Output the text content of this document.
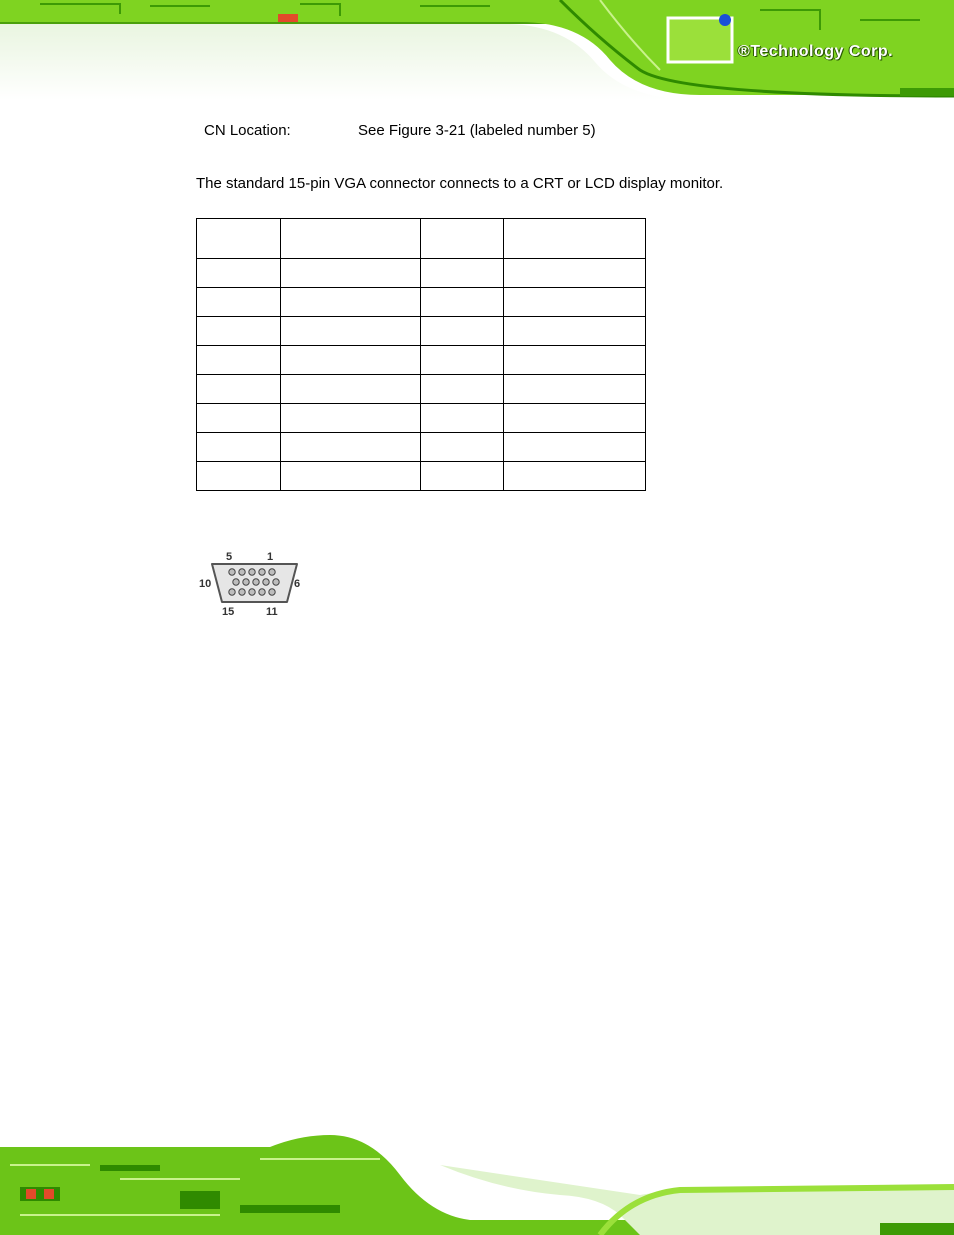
®Technology Corp.
CN Location:	See Figure 3-21 (labeled number 5)
The standard 15-pin VGA connector connects to a CRT or LCD display monitor.

5	1
10	6
15	11
